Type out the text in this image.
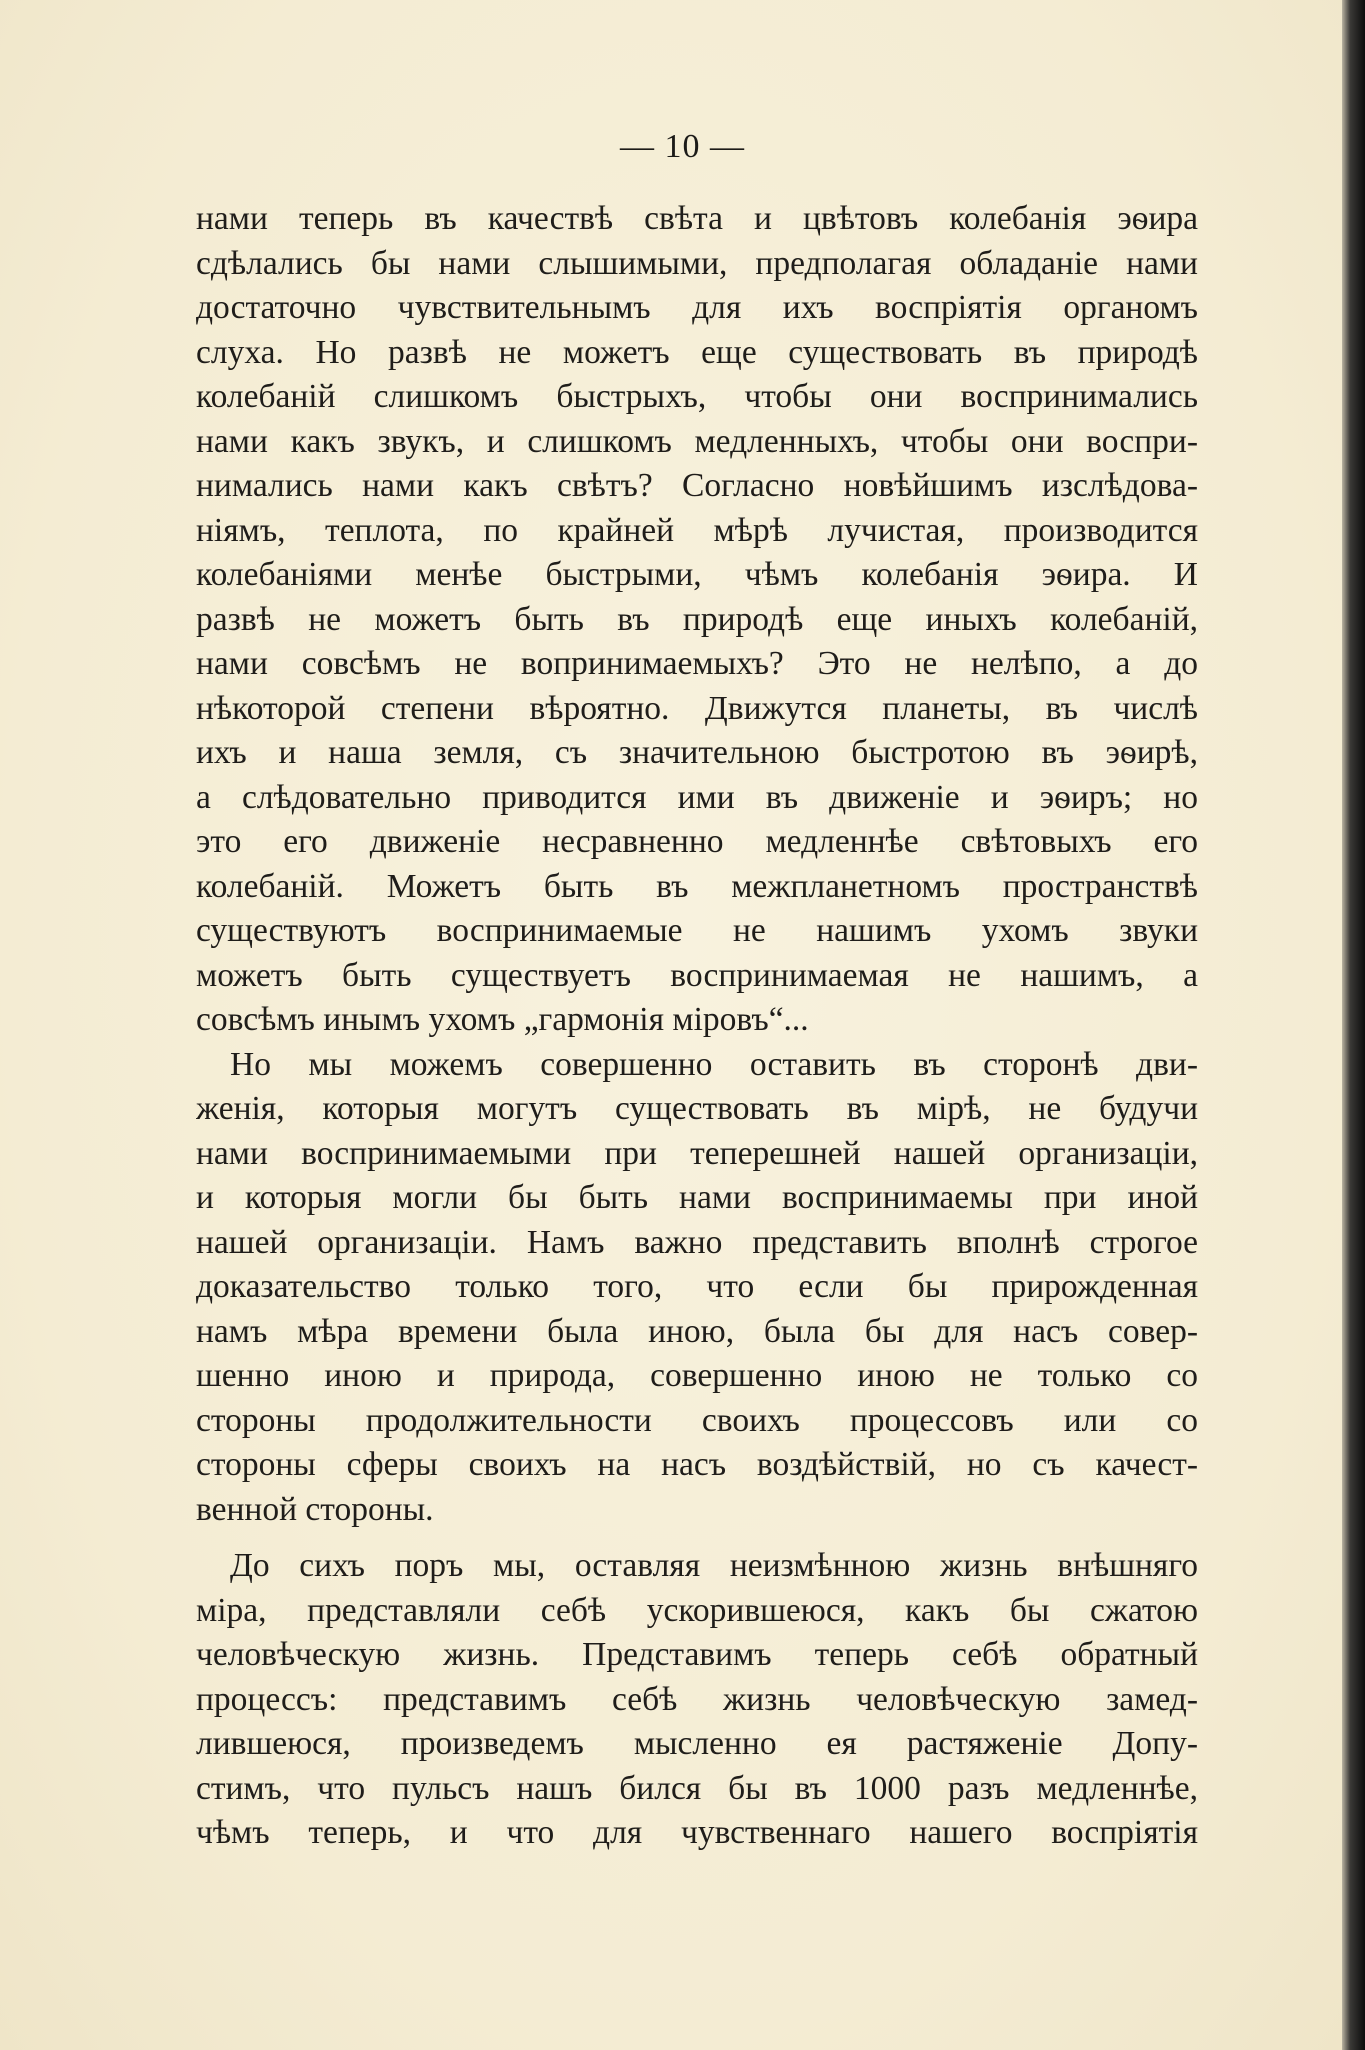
— 10 —
нами теперь въ качествѣ свѣта и цвѣтовъ колебанія эѳира
сдѣлались бы нами слышимыми, предполагая обладаніе нами
достаточно чувствительнымъ для ихъ воспріятія органомъ
слуха. Но развѣ не можетъ еще существовать въ природѣ
колебаній слишкомъ быстрыхъ, чтобы они воспринимались
нами какъ звукъ, и слишкомъ медленныхъ, чтобы они воспри-
нимались нами какъ свѣтъ? Согласно новѣйшимъ изслѣдова-
ніямъ, теплота, по крайней мѣрѣ лучистая, производится
колебаніями менѣе быстрыми, чѣмъ колебанія эѳира. И
развѣ не можетъ быть въ природѣ еще иныхъ колебаній,
нами совсѣмъ не вопринимаемыхъ? Это не нелѣпо, а до
нѣкоторой степени вѣроятно. Движутся планеты, въ числѣ
ихъ и наша земля, съ значительною быстротою въ эѳирѣ,
а слѣдовательно приводится ими въ движеніе и эѳиръ; но
это его движеніе несравненно медленнѣе свѣтовыхъ его
колебаній. Можетъ быть въ межпланетномъ пространствѣ
существуютъ воспринимаемые не нашимъ ухомъ звуки
можетъ быть существуетъ воспринимаемая не нашимъ, а
совсѣмъ инымъ ухомъ „гармонія міровъ“...
Но мы можемъ совершенно оставить въ сторонѣ дви-
женія, которыя могутъ существовать въ мірѣ, не будучи
нами воспринимаемыми при теперешней нашей организаціи,
и которыя могли бы быть нами воспринимаемы при иной
нашей организаціи. Намъ важно представить вполнѣ строгое
доказательство только того, что если бы прирожденная
намъ мѣра времени была иною, была бы для насъ совер-
шенно иною и природа, совершенно иною не только со
стороны продолжительности своихъ процессовъ или со
стороны сферы своихъ на насъ воздѣйствій, но съ качест-
венной стороны.
До сихъ поръ мы, оставляя неизмѣнною жизнь внѣшняго
міра, представляли себѣ ускорившеюся, какъ бы сжатою
человѣческую жизнь. Представимъ теперь себѣ обратный
процессъ: представимъ себѣ жизнь человѣческую замед-
лившеюся, произведемъ мысленно ея растяженіе Допу-
стимъ, что пульсъ нашъ бился бы въ 1000 разъ медленнѣе,
чѣмъ теперь, и что для чувственнаго нашего воспріятія
